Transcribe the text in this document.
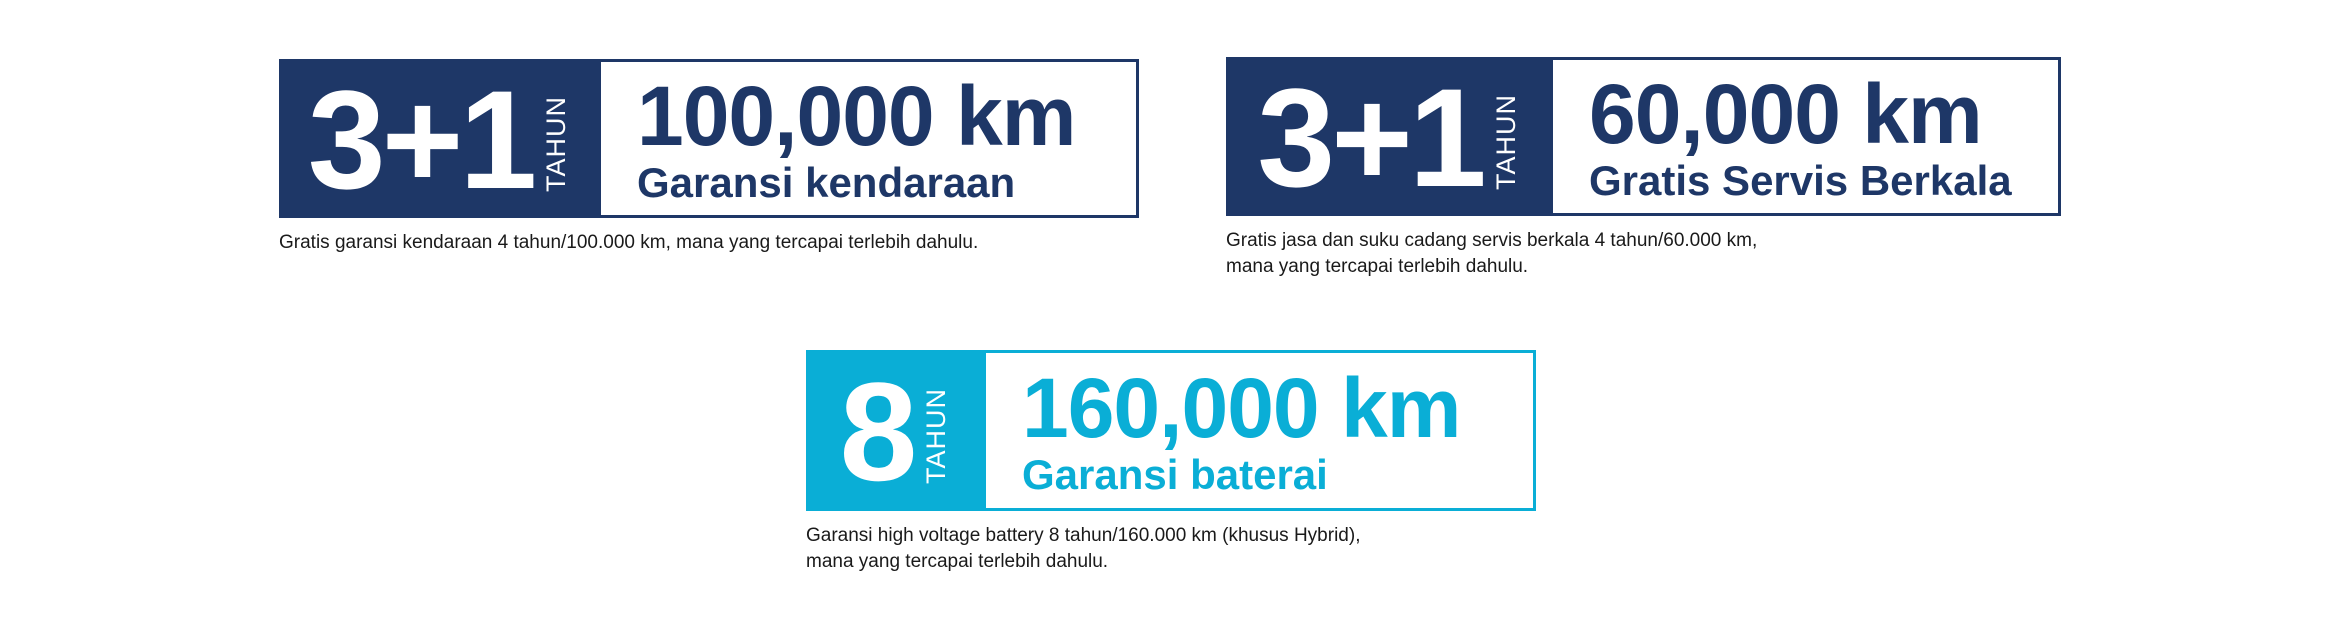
3+1 TAHUN 100,000 km
Garansi kendaraan
Gratis garansi kendaraan 4 tahun/100.000 km, mana yang tercapai terlebih dahulu.
3+1 TAHUN 60,000 km
Gratis Servis Berkala
Gratis jasa dan suku cadang servis berkala 4 tahun/60.000 km,
mana yang tercapai terlebih dahulu.
8 TAHUN 160,000 km
Garansi baterai
Garansi high voltage battery 8 tahun/160.000 km (khusus Hybrid),
mana yang tercapai terlebih dahulu.
